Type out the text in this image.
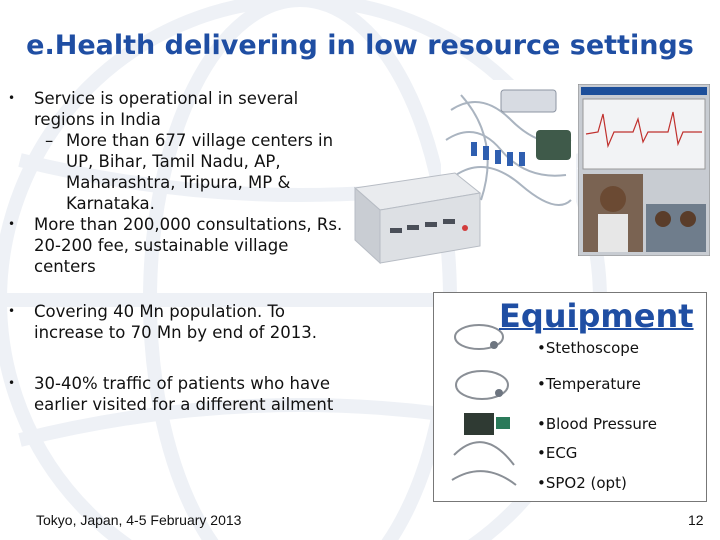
e.Health delivering in low resource settings
• Service is operational in several regions in India
– More than 677 village centers in UP, Bihar, Tamil Nadu, AP, Maharashtra, Tripura, MP & Karnataka.
• More than 200,000 consultations, Rs. 20-200 fee, sustainable village centers
• Covering 40 Mn population. To increase to 70 Mn by end of 2013.
• 30-40% traffic of patients who have earlier visited for a different ailment
Equipment
•Stethoscope
•Temperature
•Blood Pressure
•ECG
•SPO2 (opt)
Tokyo, Japan, 4-5 February 2013	12
